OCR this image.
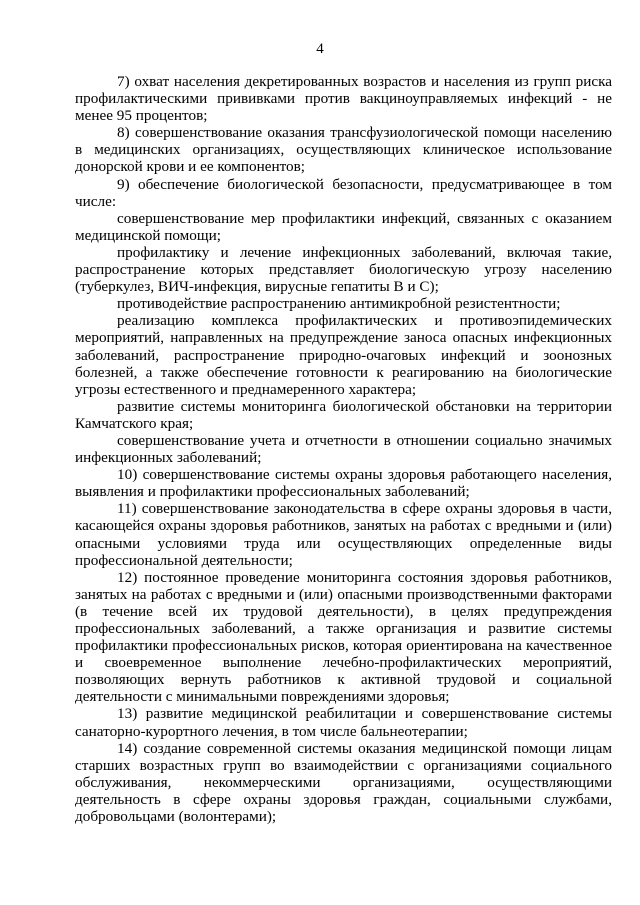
4

7) охват населения декретированных возрастов и населения из групп риска профилактическими прививками против вакциноуправляемых инфекций - не менее 95 процентов;

8) совершенствование оказания трансфузиологической помощи населению в медицинских организациях, осуществляющих клиническое использование донорской крови и ее компонентов;

9) обеспечение биологической безопасности, предусматривающее в том числе:

совершенствование мер профилактики инфекций, связанных с оказанием медицинской помощи;

профилактику и лечение инфекционных заболеваний, включая такие, распространение которых представляет биологическую угрозу населению (туберкулез, ВИЧ-инфекция, вирусные гепатиты В и С);

противодействие распространению антимикробной резистентности;

реализацию комплекса профилактических и противоэпидемических мероприятий, направленных на предупреждение заноса опасных инфекционных заболеваний, распространение природно-очаговых инфекций и зоонозных болезней, а также обеспечение готовности к реагированию на биологические угрозы естественного и преднамеренного характера;

развитие системы мониторинга биологической обстановки на территории Камчатского края;

совершенствование учета и отчетности в отношении социально значимых инфекционных заболеваний;

10) совершенствование системы охраны здоровья работающего населения, выявления и профилактики профессиональных заболеваний;

11) совершенствование законодательства в сфере охраны здоровья в части, касающейся охраны здоровья работников, занятых на работах с вредными и (или) опасными условиями труда или осуществляющих определенные виды профессиональной деятельности;

12) постоянное проведение мониторинга состояния здоровья работников, занятых на работах с вредными и (или) опасными производственными факторами (в течение всей их трудовой деятельности), в целях предупреждения профессиональных заболеваний, а также организация и развитие системы профилактики профессиональных рисков, которая ориентирована на качественное и своевременное выполнение лечебно-профилактических мероприятий, позволяющих вернуть работников к активной трудовой и социальной деятельности с минимальными повреждениями здоровья;

13) развитие медицинской реабилитации и совершенствование системы санаторно-курортного лечения, в том числе бальнеотерапии;

14) создание современной системы оказания медицинской помощи лицам старших возрастных групп во взаимодействии с организациями социального обслуживания, некоммерческими организациями, осуществляющими деятельность в сфере охраны здоровья граждан, социальными службами, добровольцами (волонтерами);
